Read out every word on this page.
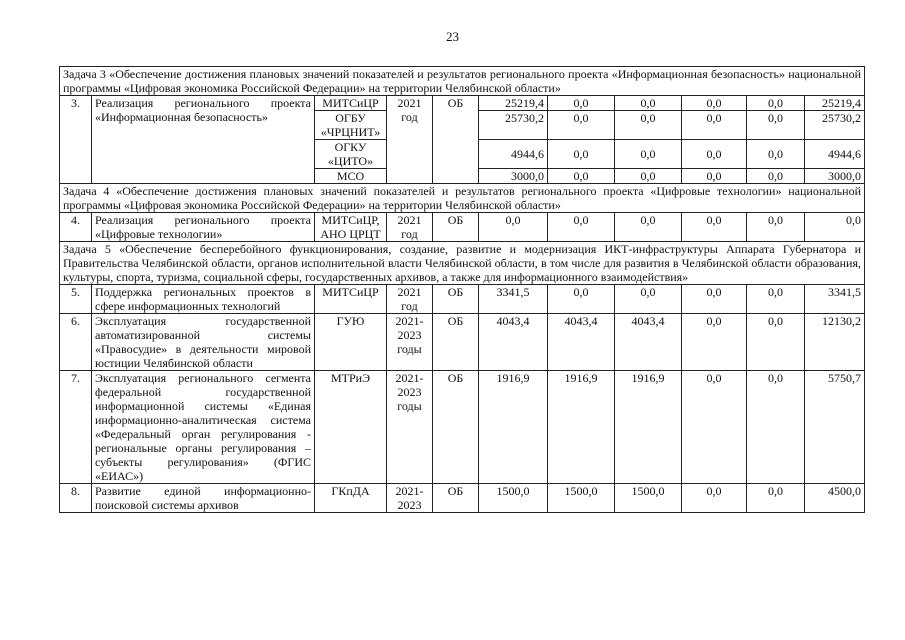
23
Задача 3 «Обеспечение достижения плановых значений показателей и результатов регионального проекта «Информационная безопасность» национальной программы «Цифровая экономика Российской Федерации» на территории Челябинской области»										
3.	Реализация регионального проекта «Информационная безопасность»	МИТСиЦР	2021 год	ОБ	25219,4	0,0	0,0	0,0	0,0	25219,4
		ОГБУ «ЧРЦНИТ»			25730,2	0,0	0,0	0,0	0,0	25730,2
		ОГКУ «ЦИТО»			4944,6	0,0	0,0	0,0	0,0	4944,6
		МСО			3000,0	0,0	0,0	0,0	0,0	3000,0
Задача 4 «Обеспечение достижения плановых значений показателей и результатов регионального проекта «Цифровые технологии» национальной программы «Цифровая экономика Российской Федерации» на территории Челябинской области»										
4.	Реализация регионального проекта «Цифровые технологии»	МИТСиЦР, АНО ЦРЦТ	2021 год	ОБ	0,0	0,0	0,0	0,0	0,0	0,0
Задача 5 «Обеспечение бесперебойного функционирования, создание, развитие и модернизация ИКТ-инфраструктуры Аппарата Губернатора и Правительства Челябинской области, органов исполнительной власти Челябинской области, в том числе для развития в Челябинской области образования, культуры, спорта, туризма, социальной сферы, государственных архивов, а также для информационного взаимодействия»										
5.	Поддержка региональных проектов в сфере информационных технологий	МИТСиЦР	2021 год	ОБ	3341,5	0,0	0,0	0,0	0,0	3341,5
6.	Эксплуатация государственной автоматизированной системы «Правосудие» в деятельности мировой юстиции Челябинской области	ГУЮ	2021-2023 годы	ОБ	4043,4	4043,4	4043,4	0,0	0,0	12130,2
7.	Эксплуатация регионального сегмента федеральной государственной информационной системы «Единая информационно-аналитическая система «Федеральный орган регулирования - региональные органы регулирования – субъекты регулирования» (ФГИС «ЕИАС»)	МТРиЭ	2021-2023 годы	ОБ	1916,9	1916,9	1916,9	0,0	0,0	5750,7
8.	Развитие единой информационно-поисковой системы архивов	ГКпДА	2021-2023	ОБ	1500,0	1500,0	1500,0	0,0	0,0	4500,0
